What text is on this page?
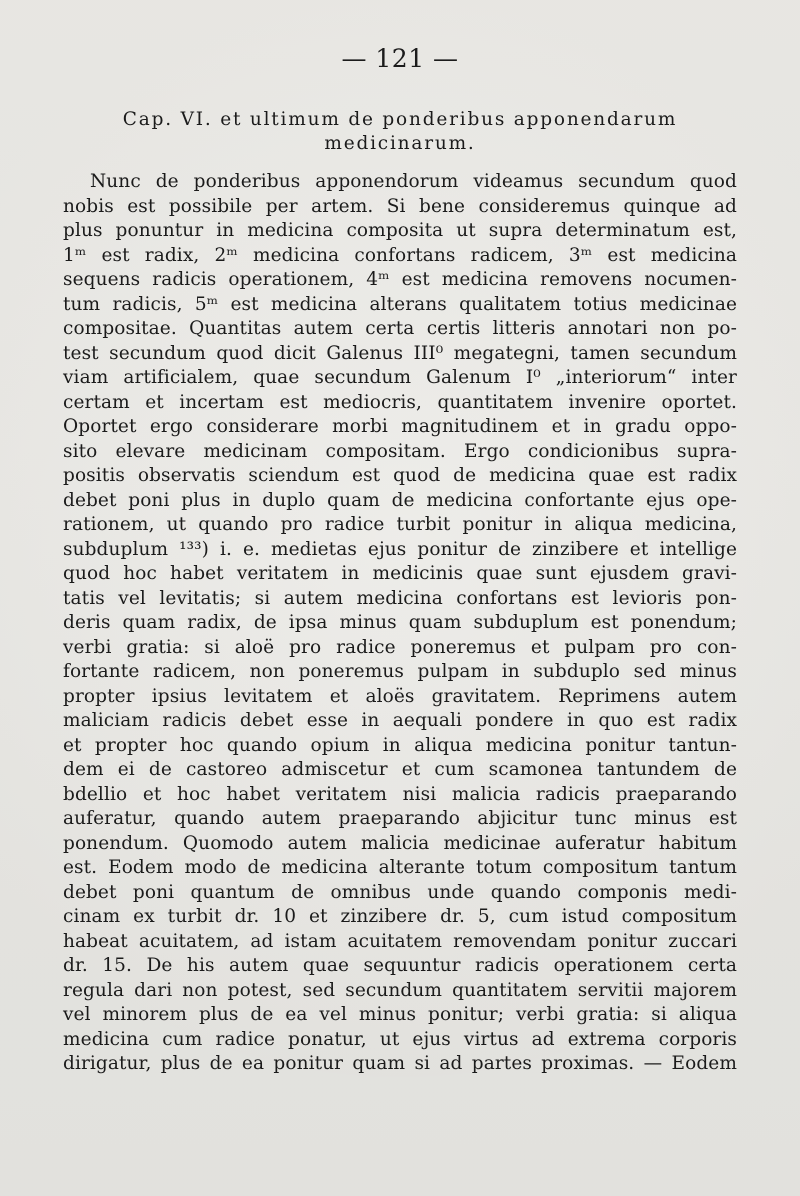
— 121 —
Cap. VI. et ultimum de ponderibus apponendarum
medicinarum.
Nunc de ponderibus apponendorum videamus secundum quod
nobis est possibile per artem. Si bene consideremus quinque ad
plus ponuntur in medicina composita ut supra determinatum est,
1ᵐ est radix, 2ᵐ medicina confortans radicem, 3ᵐ est medicina
sequens radicis operationem, 4ᵐ est medicina removens nocumen-
tum radicis, 5ᵐ est medicina alterans qualitatem totius medicinae
compositae. Quantitas autem certa certis litteris annotari non po-
test secundum quod dicit Galenus III⁰ megategni, tamen secundum
viam artificialem, quae secundum Galenum I⁰ „interiorum“ inter
certam et incertam est mediocris, quantitatem invenire oportet.
Oportet ergo considerare morbi magnitudinem et in gradu oppo-
sito elevare medicinam compositam. Ergo condicionibus supra-
positis observatis sciendum est quod de medicina quae est radix
debet poni plus in duplo quam de medicina confortante ejus ope-
rationem, ut quando pro radice turbit ponitur in aliqua medicina,
subduplum ¹³³) i. e. medietas ejus ponitur de zinzibere et intellige
quod hoc habet veritatem in medicinis quae sunt ejusdem gravi-
tatis vel levitatis; si autem medicina confortans est levioris pon-
deris quam radix, de ipsa minus quam subduplum est ponendum;
verbi gratia: si aloë pro radice poneremus et pulpam pro con-
fortante radicem, non poneremus pulpam in subduplo sed minus
propter ipsius levitatem et aloës gravitatem. Reprimens autem
maliciam radicis debet esse in aequali pondere in quo est radix
et propter hoc quando opium in aliqua medicina ponitur tantun-
dem ei de castoreo admiscetur et cum scamonea tantundem de
bdellio et hoc habet veritatem nisi malicia radicis praeparando
auferatur, quando autem praeparando abjicitur tunc minus est
ponendum. Quomodo autem malicia medicinae auferatur habitum
est. Eodem modo de medicina alterante totum compositum tantum
debet poni quantum de omnibus unde quando componis medi-
cinam ex turbit dr. 10 et zinzibere dr. 5, cum istud compositum
habeat acuitatem, ad istam acuitatem removendam ponitur zuccari
dr. 15. De his autem quae sequuntur radicis operationem certa
regula dari non potest, sed secundum quantitatem servitii majorem
vel minorem plus de ea vel minus ponitur; verbi gratia: si aliqua
medicina cum radice ponatur, ut ejus virtus ad extrema corporis
dirigatur, plus de ea ponitur quam si ad partes proximas. — Eodem
